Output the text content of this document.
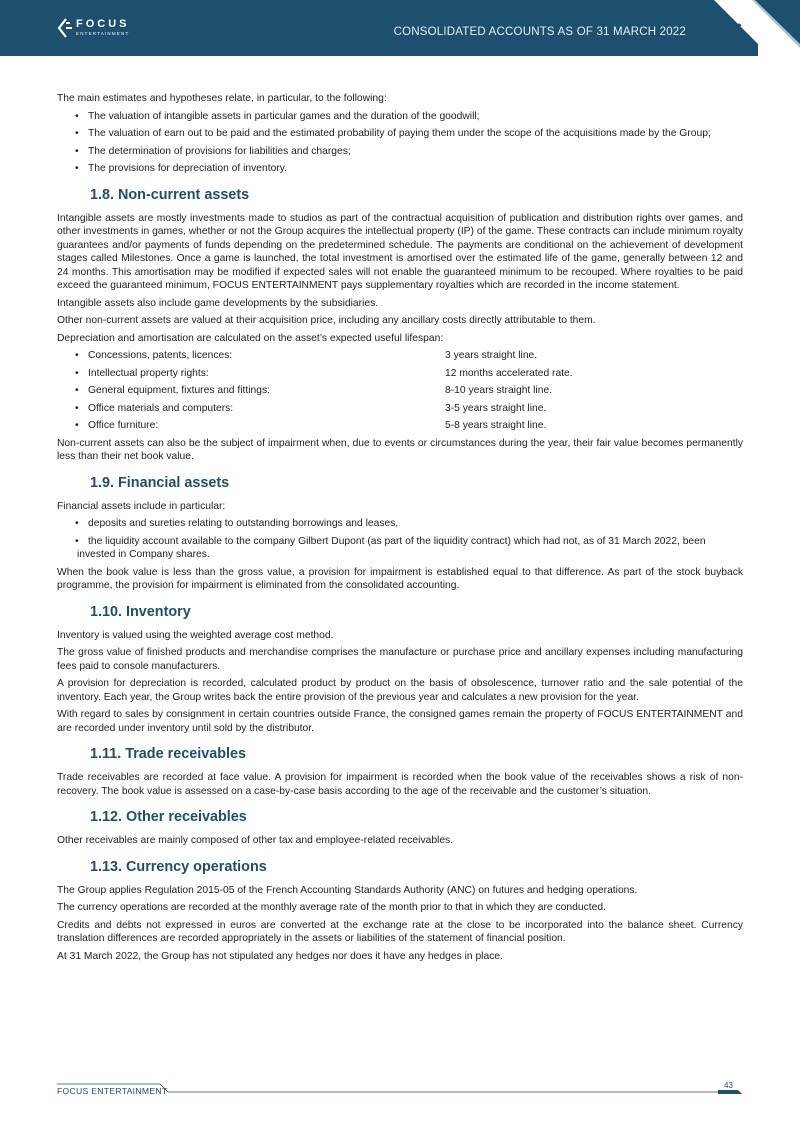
FOCUS
ENTERTAINMENT	CONSOLIDATED ACCOUNTS AS OF 31 MARCH 2022	6

The main estimates and hypotheses relate, in particular, to the following:

• The valuation of intangible assets in particular games and the duration of the goodwill;
• The valuation of earn out to be paid and the estimated probability of paying them under the scope of the acquisitions made by the Group;
• The determination of provisions for liabilities and charges;
• The provisions for depreciation of inventory.
1.8. Non-current assets

Intangible assets are mostly investments made to studios as part of the contractual acquisition of publication and distribution rights over games, and other investments in games, whether or not the Group acquires the intellectual property (IP) of the game. These contracts can include minimum royalty guarantees and/or payments of funds depending on the predetermined schedule. The payments are conditional on the achievement of development stages called Milestones. Once a game is launched, the total investment is amortised over the estimated life of the game, generally between 12 and 24 months. This amortisation may be modified if expected sales will not enable the guaranteed minimum to be recouped. Where royalties to be paid exceed the guaranteed minimum, FOCUS ENTERTAINMENT pays supplementary royalties which are recorded in the income statement.

Intangible assets also include game developments by the subsidiaries.

Other non-current assets are valued at their acquisition price, including any ancillary costs directly attributable to them.

Depreciation and amortisation are calculated on the asset’s expected useful lifespan:

• Concessions, patents, licences:	3 years straight line.
• Intellectual property rights:	12 months accelerated rate.
• General equipment, fixtures and fittings:	8-10 years straight line.
• Office materials and computers:	3-5 years straight line.
• Office furniture:	5-8 years straight line.

Non-current assets can also be the subject of impairment when, due to events or circumstances during the year, their fair value becomes permanently less than their net book value.

1.9. Financial assets

Financial assets include in particular:

• deposits and sureties relating to outstanding borrowings and leases,
• the liquidity account available to the company Gilbert Dupont (as part of the liquidity contract) which had not, as of 31 March 2022, been invested in Company shares.

When the book value is less than the gross value, a provision for impairment is established equal to that difference. As part of the stock buyback programme, the provision for impairment is eliminated from the consolidated accounting.

1.10. Inventory

Inventory is valued using the weighted average cost method.

The gross value of finished products and merchandise comprises the manufacture or purchase price and ancillary expenses including manufacturing fees paid to console manufacturers.

A provision for depreciation is recorded, calculated product by product on the basis of obsolescence, turnover ratio and the sale potential of the inventory. Each year, the Group writes back the entire provision of the previous year and calculates a new provision for the year.

With regard to sales by consignment in certain countries outside France, the consigned games remain the property of FOCUS ENTERTAINMENT and are recorded under inventory until sold by the distributor.

1.11. Trade receivables

Trade receivables are recorded at face value. A provision for impairment is recorded when the book value of the receivables shows a risk of non-recovery. The book value is assessed on a case-by-case basis according to the age of the receivable and the customer’s situation.

1.12. Other receivables

Other receivables are mainly composed of other tax and employee-related receivables.

1.13. Currency operations

The Group applies Regulation 2015-05 of the French Accounting Standards Authority (ANC) on futures and hedging operations.

The currency operations are recorded at the monthly average rate of the month prior to that in which they are conducted.

Credits and debts not expressed in euros are converted at the exchange rate at the close to be incorporated into the balance sheet. Currency translation differences are recorded appropriately in the assets or liabilities of the statement of financial position.

At 31 March 2022, the Group has not stipulated any hedges nor does it have any hedges in place.

FOCUS ENTERTAINMENT
43
